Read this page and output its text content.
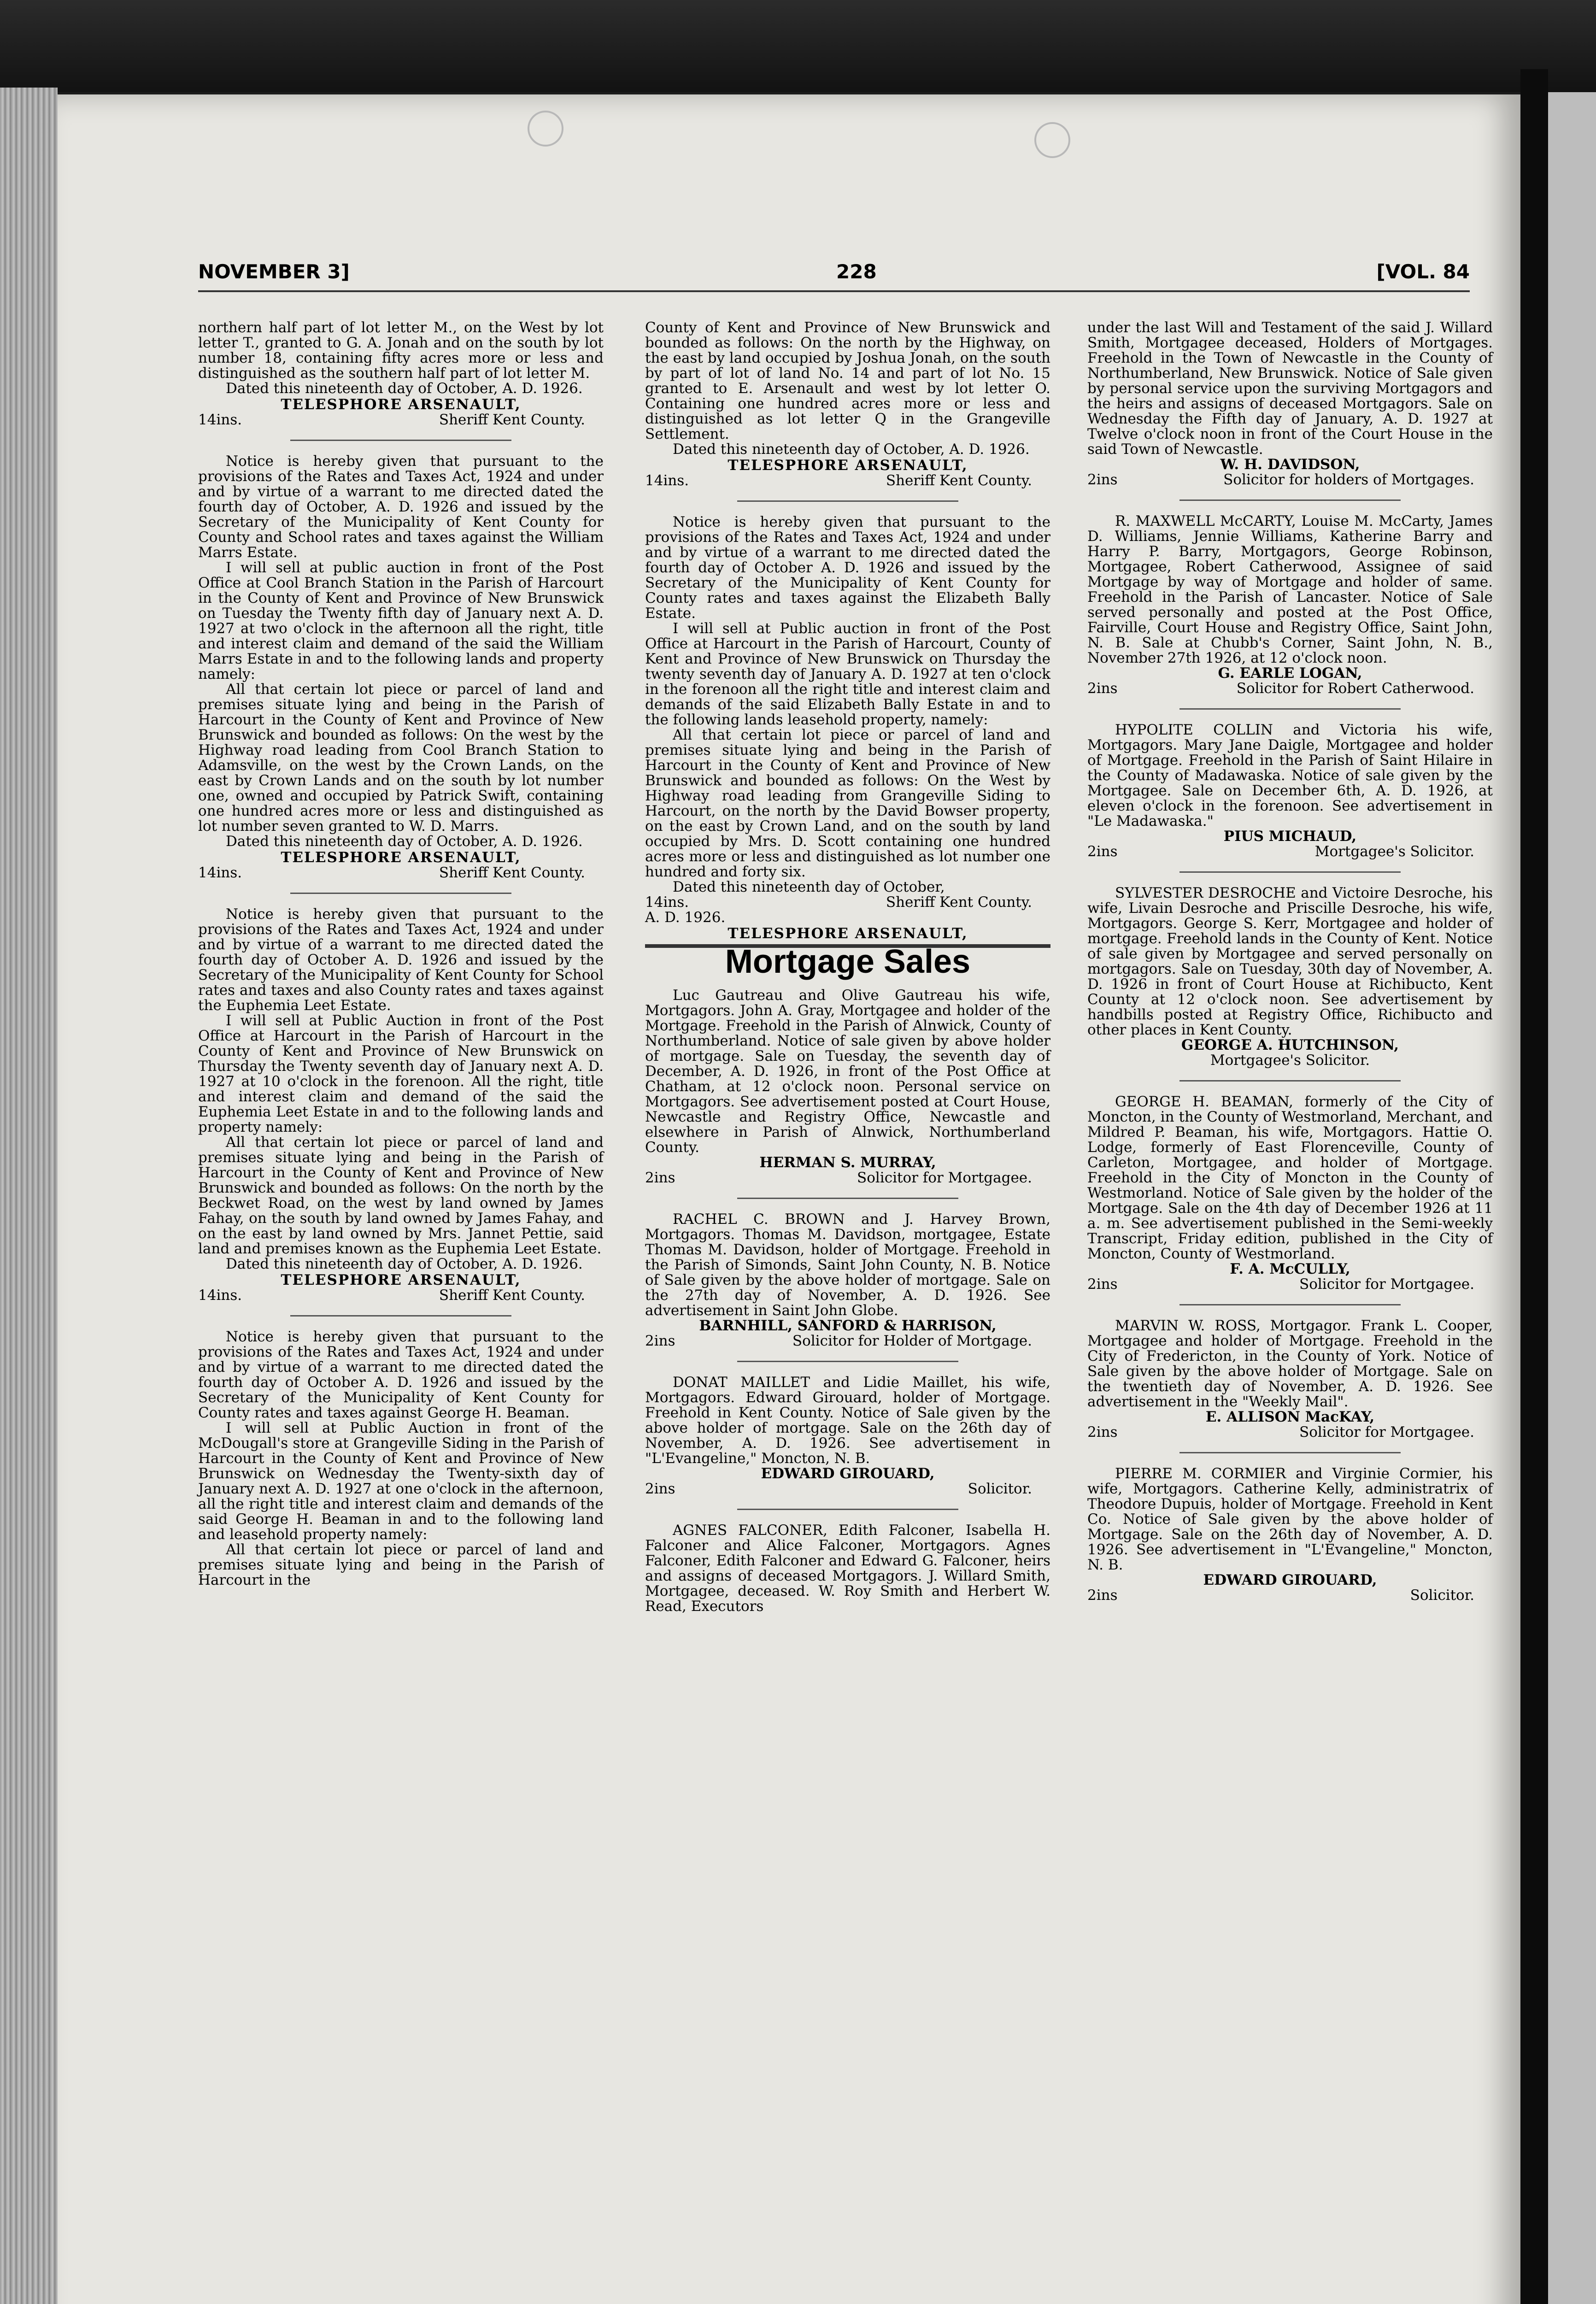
NOVEMBER 3]	228	[VOL. 84

northern half part of lot letter M., on the West by lot letter T., granted to G. A. Jonah and on the south by lot number 18, containing fifty acres more or less and distinguished as the southern half part of lot letter M.

Dated this nineteenth day of October, A. D. 1926.

TELESPHORE ARSENAULT,
14ins.	Sheriff Kent County.

Notice is hereby given that pursuant to the provisions of the Rates and Taxes Act, 1924 and under and by virtue of a warrant to me directed dated the fourth day of October, A. D. 1926 and issued by the Secretary of the Municipality of Kent County for County and School rates and taxes against the William Marrs Estate.

I will sell at public auction in front of the Post Office at Cool Branch Station in the Parish of Harcourt in the County of Kent and Province of New Brunswick on Tuesday the Twenty fifth day of January next A. D. 1927 at two o'clock in the afternoon all the right, title and interest claim and demand of the said the William Marrs Estate in and to the following lands and property namely:

All that certain lot piece or parcel of land and premises situate lying and being in the Parish of Harcourt in the County of Kent and Province of New Brunswick and bounded as follows: On the west by the Highway road leading from Cool Branch Station to Adamsville, on the west by the Crown Lands, on the east by Crown Lands and on the south by lot number one, owned and occupied by Patrick Swift, containing one hundred acres more or less and distinguished as lot number seven granted to W. D. Marrs.

Dated this nineteenth day of October, A. D. 1926.

TELESPHORE ARSENAULT,
14ins.	Sheriff Kent County.

Notice is hereby given that pursuant to the provisions of the Rates and Taxes Act, 1924 and under and by virtue of a warrant to me directed dated the fourth day of October A. D. 1926 and issued by the Secretary of the Municipality of Kent County for School rates and taxes and also County rates and taxes against the Euphemia Leet Estate.

I will sell at Public Auction in front of the Post Office at Harcourt in the Parish of Harcourt in the County of Kent and Province of New Brunswick on Thursday the Twenty seventh day of January next A. D. 1927 at 10 o'clock in the forenoon. All the right, title and interest claim and demand of the said the Euphemia Leet Estate in and to the following lands and property namely:

All that certain lot piece or parcel of land and premises situate lying and being in the Parish of Harcourt in the County of Kent and Province of New Brunswick and bounded as follows: On the north by the Beckwet Road, on the west by land owned by James Fahay, on the south by land owned by James Fahay, and on the east by land owned by Mrs. Jannet Pettie, said land and premises known as the Euphemia Leet Estate.

Dated this nineteenth day of October, A. D. 1926.

TELESPHORE ARSENAULT,
14ins.	Sheriff Kent County.

Notice is hereby given that pursuant to the provisions of the Rates and Taxes Act, 1924 and under and by virtue of a warrant to me directed dated the fourth day of October A. D. 1926 and issued by the Secretary of the Municipality of Kent County for County rates and taxes against George H. Beaman.

I will sell at Public Auction in front of the McDougall's store at Grangeville Siding in the Parish of Harcourt in the County of Kent and Province of New Brunswick on Wednesday the Twenty-sixth day of January next A. D. 1927 at one o'clock in the afternoon, all the right title and interest claim and demands of the said George H. Beaman in and to the following land and leasehold property namely:

All that certain lot piece or parcel of land and premises situate lying and being in the Parish of Harcourt in the

County of Kent and Province of New Brunswick and bounded as follows: On the north by the Highway, on the east by land occupied by Joshua Jonah, on the south by part of lot of land No. 14 and part of lot No. 15 granted to E. Arsenault and west by lot letter O. Containing one hundred acres more or less and distinguished as lot letter Q in the Grangeville Settlement.

Dated this nineteenth day of October, A. D. 1926.

TELESPHORE ARSENAULT,
14ins.	Sheriff Kent County.

Notice is hereby given that pursuant to the provisions of the Rates and Taxes Act, 1924 and under and by virtue of a warrant to me directed dated the fourth day of October A. D. 1926 and issued by the Secretary of the Municipality of Kent County for County rates and taxes against the Elizabeth Bally Estate.

I will sell at Public auction in front of the Post Office at Harcourt in the Parish of Harcourt, County of Kent and Province of New Brunswick on Thursday the twenty seventh day of January A. D. 1927 at ten o'clock in the forenoon all the right title and interest claim and demands of the said Elizabeth Bally Estate in and to the following lands leasehold property, namely:

All that certain lot piece or parcel of land and premises situate lying and being in the Parish of Harcourt in the County of Kent and Province of New Brunswick and bounded as follows: On the West by Highway road leading from Grangeville Siding to Harcourt, on the north by the David Bowser property, on the east by Crown Land, and on the south by land occupied by Mrs. D. Scott containing one hundred acres more or less and distinguished as lot number one hundred and forty six.

Dated this nineteenth day of October,

14ins.	Sheriff Kent County.

A. D. 1926.

TELESPHORE ARSENAULT,
Mortgage Sales

Luc Gautreau and Olive Gautreau his wife, Mortgagors. John A. Gray, Mortgagee and holder of the Mortgage. Freehold in the Parish of Alnwick, County of Northumberland. Notice of sale given by above holder of mortgage. Sale on Tuesday, the seventh day of December, A. D. 1926, in front of the Post Office at Chatham, at 12 o'clock noon. Personal service on Mortgagors. See advertisement posted at Court House, Newcastle and Registry Office, Newcastle and elsewhere in Parish of Alnwick, Northumberland County.

HERMAN S. MURRAY,
2ins	Solicitor for Mortgagee.

RACHEL C. BROWN and J. Harvey Brown, Mortgagors. Thomas M. Davidson, mortgagee, Estate Thomas M. Davidson, holder of Mortgage. Freehold in the Parish of Simonds, Saint John County, N. B. Notice of Sale given by the above holder of mortgage. Sale on the 27th day of November, A. D. 1926. See advertisement in Saint John Globe.

BARNHILL, SANFORD & HARRISON,
2ins	Solicitor for Holder of Mortgage.

DONAT MAILLET and Lidie Maillet, his wife, Mortgagors. Edward Girouard, holder of Mortgage. Freehold in Kent County. Notice of Sale given by the above holder of mortgage. Sale on the 26th day of November, A. D. 1926. See advertisement in "L'Evangeline," Moncton, N. B.

EDWARD GIROUARD,
2ins	Solicitor.

AGNES FALCONER, Edith Falconer, Isabella H. Falconer and Alice Falconer, Mortgagors. Agnes Falconer, Edith Falconer and Edward G. Falconer, heirs and assigns of deceased Mortgagors. J. Willard Smith, Mortgagee, deceased. W. Roy Smith and Herbert W. Read, Executors

under the last Will and Testament of the said J. Willard Smith, Mortgagee deceased, Holders of Mortgages. Freehold in the Town of Newcastle in the County of Northumberland, New Brunswick. Notice of Sale given by personal service upon the surviving Mortgagors and the heirs and assigns of deceased Mortgagors. Sale on Wednesday the Fifth day of January, A. D. 1927 at Twelve o'clock noon in front of the Court House in the said Town of Newcastle.

W. H. DAVIDSON,
2ins	Solicitor for holders of Mortgages.

R. MAXWELL McCARTY, Louise M. McCarty, James D. Williams, Jennie Williams, Katherine Barry and Harry P. Barry, Mortgagors, George Robinson, Mortgagee, Robert Catherwood, Assignee of said Mortgage by way of Mortgage and holder of same. Freehold in the Parish of Lancaster. Notice of Sale served personally and posted at the Post Office, Fairville, Court House and Registry Office, Saint John, N. B. Sale at Chubb's Corner, Saint John, N. B., November 27th 1926, at 12 o'clock noon.

G. EARLE LOGAN,
2ins	Solicitor for Robert Catherwood.

HYPOLITE COLLIN and Victoria his wife, Mortgagors. Mary Jane Daigle, Mortgagee and holder of Mortgage. Freehold in the Parish of Saint Hilaire in the County of Madawaska. Notice of sale given by the Mortgagee. Sale on December 6th, A. D. 1926, at eleven o'clock in the forenoon. See advertisement in "Le Madawaska."

PIUS MICHAUD,
2ins	Mortgagee's Solicitor.

SYLVESTER DESROCHE and Victoire Desroche, his wife, Livain Desroche and Priscille Desroche, his wife, Mortgagors. George S. Kerr, Mortgagee and holder of mortgage. Freehold lands in the County of Kent. Notice of sale given by Mortgagee and served personally on mortgagors. Sale on Tuesday, 30th day of November, A. D. 1926 in front of Court House at Richibucto, Kent County at 12 o'clock noon. See advertisement by handbills posted at Registry Office, Richibucto and other places in Kent County.

GEORGE A. HUTCHINSON,
Mortgagee's Solicitor.

GEORGE H. BEAMAN, formerly of the City of Moncton, in the County of Westmorland, Merchant, and Mildred P. Beaman, his wife, Mortgagors. Hattie O. Lodge, formerly of East Florenceville, County of Carleton, Mortgagee, and holder of Mortgage. Freehold in the City of Moncton in the County of Westmorland. Notice of Sale given by the holder of the Mortgage. Sale on the 4th day of December 1926 at 11 a. m. See advertisement published in the Semi-weekly Transcript, Friday edition, published in the City of Moncton, County of Westmorland.

F. A. McCULLY,
2ins	Solicitor for Mortgagee.

MARVIN W. ROSS, Mortgagor. Frank L. Cooper, Mortgagee and holder of Mortgage. Freehold in the City of Fredericton, in the County of York. Notice of Sale given by the above holder of Mortgage. Sale on the twentieth day of November, A. D. 1926. See advertisement in the "Weekly Mail".

E. ALLISON MacKAY,
2ins	Solicitor for Mortgagee.

PIERRE M. CORMIER and Virginie Cormier, his wife, Mortgagors. Catherine Kelly, administratrix of Theodore Dupuis, holder of Mortgage. Freehold in Kent Co. Notice of Sale given by the above holder of Mortgage. Sale on the 26th day of November, A. D. 1926. See advertisement in "L'Evangeline," Moncton, N. B.

EDWARD GIROUARD,
2ins	Solicitor.
